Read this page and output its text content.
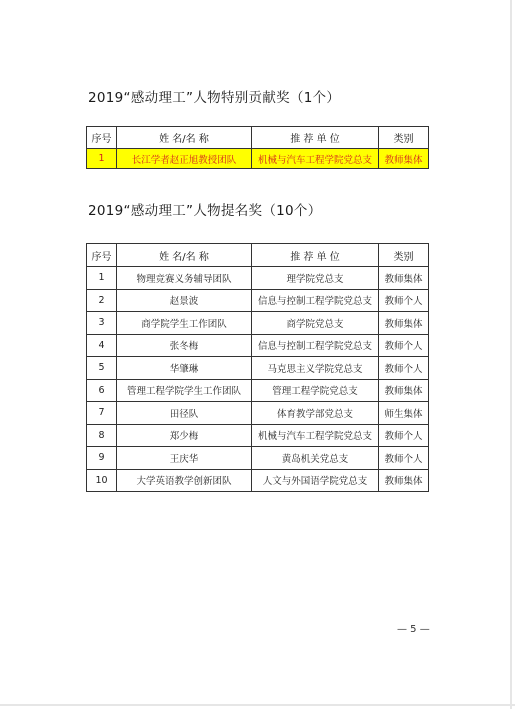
2019“感动理工”人物特别贡献奖（1个）
序号	姓 名/名 称	推 荐 单 位	类别
1	长江学者赵正旭教授团队	机械与汽车工程学院党总支	教师集体
2019“感动理工”人物提名奖（10个）
序号	姓 名/名 称	推 荐 单 位	类别
1	物理竞赛义务辅导团队	理学院党总支	教师集体
2	赵景波	信息与控制工程学院党总支	教师个人
3	商学院学生工作团队	商学院党总支	教师集体
4	张冬梅	信息与控制工程学院党总支	教师个人
5	华肇琳	马克思主义学院党总支	教师个人
6	管理工程学院学生工作团队	管理工程学院党总支	教师集体
7	田径队	体育教学部党总支	师生集体
8	郑少梅	机械与汽车工程学院党总支	教师个人
9	王庆华	黄岛机关党总支	教师个人
10	大学英语教学创新团队	人文与外国语学院党总支	教师集体
— 5 —
